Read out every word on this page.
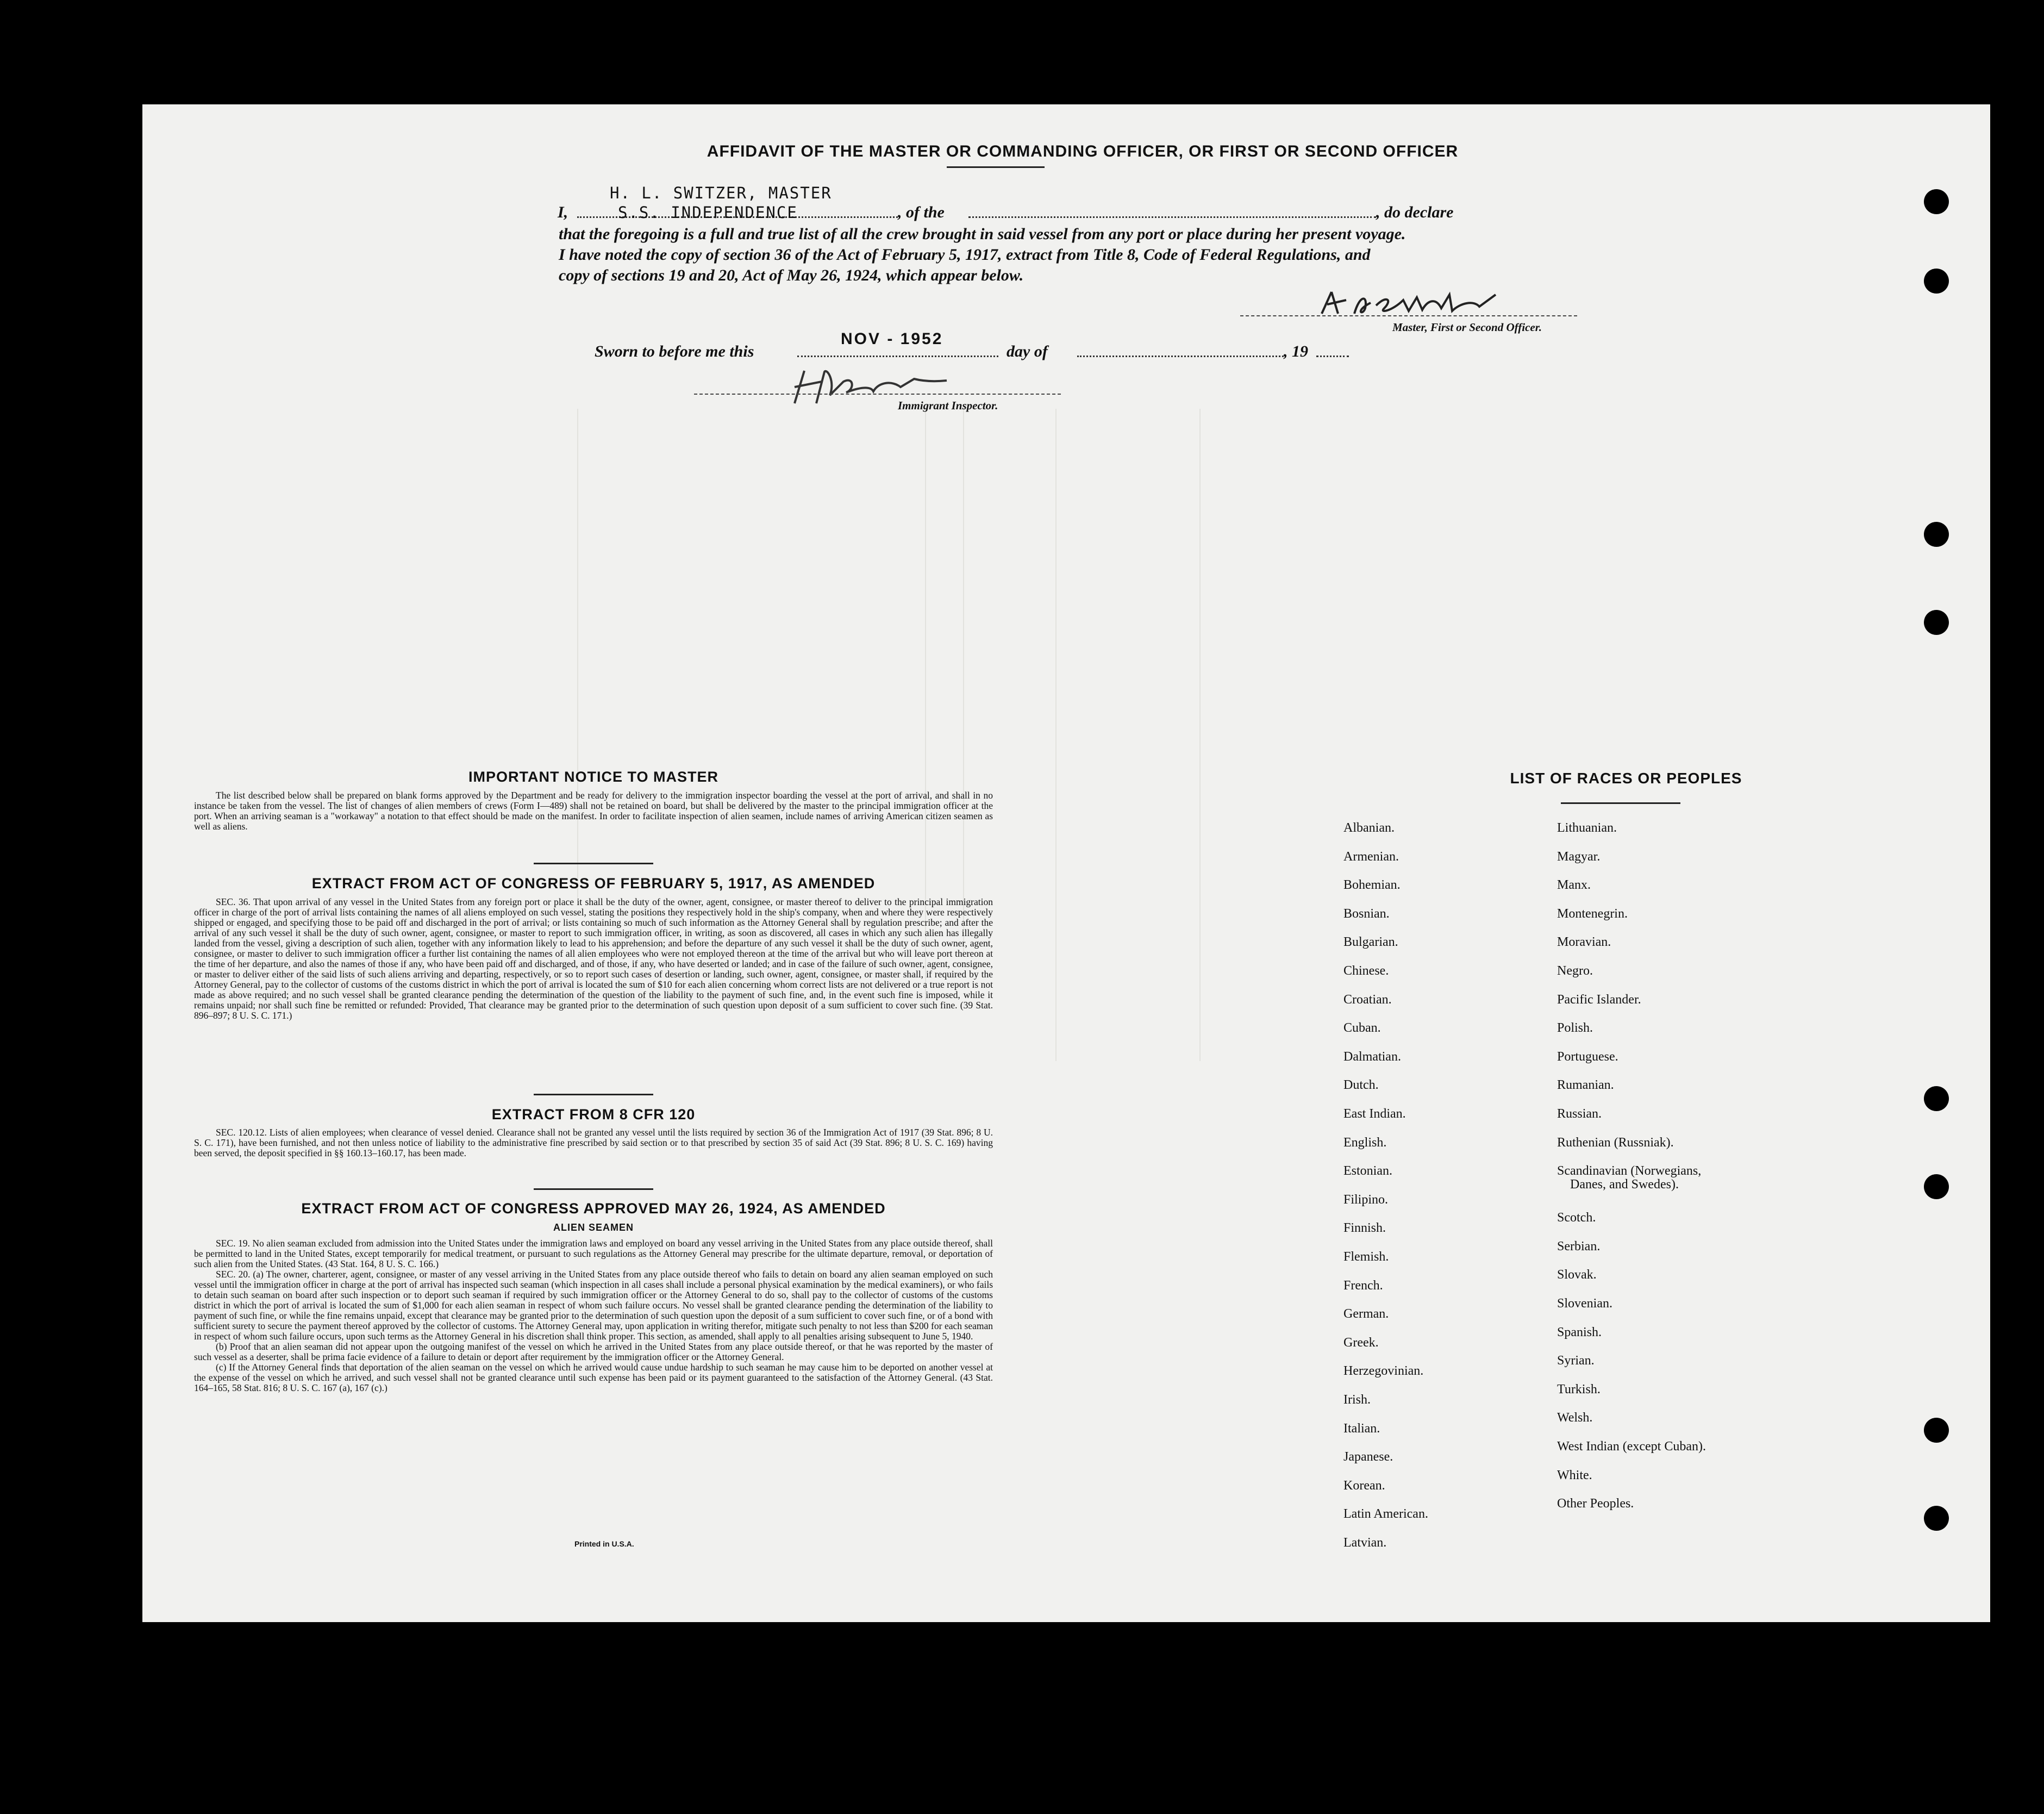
AFFIDAVIT OF THE MASTER OR COMMANDING OFFICER, OR FIRST OR SECOND OFFICER
H. L. SWITZER, MASTER
I,	S.S. INDEPENDENCE	, of the	, do declare
that the foregoing is a full and true list of all the crew brought in said vessel from any port or place during her present voyage.
I have noted the copy of section 36 of the Act of February 5, 1917, extract from Title 8, Code of Federal Regulations, and
copy of sections 19 and 20, Act of May 26, 1924, which appear below.
Master, First or Second Officer.
Sworn to before me this
NOV - 1952
day of	, 19
Immigrant Inspector.
IMPORTANT NOTICE TO MASTER

The list described below shall be prepared on blank forms approved by the Department and be ready for delivery to the immigration inspector boarding the vessel at the port of arrival, and shall in no instance be taken from the vessel. The list of changes of alien members of crews (Form I—489) shall not be retained on board, but shall be delivered by the master to the principal immigration officer at the port. When an arriving seaman is a "workaway" a notation to that effect should be made on the manifest. In order to facilitate inspection of alien seamen, include names of arriving American citizen seamen as well as aliens.

EXTRACT FROM ACT OF CONGRESS OF FEBRUARY 5, 1917, AS AMENDED

SEC. 36. That upon arrival of any vessel in the United States from any foreign port or place it shall be the duty of the owner, agent, consignee, or master thereof to deliver to the principal immigration officer in charge of the port of arrival lists containing the names of all aliens employed on such vessel, stating the positions they respectively hold in the ship's company, when and where they were respectively shipped or engaged, and specifying those to be paid off and discharged in the port of arrival; or lists containing so much of such information as the Attorney General shall by regulation prescribe; and after the arrival of any such vessel it shall be the duty of such owner, agent, consignee, or master to report to such immigration officer, in writing, as soon as discovered, all cases in which any such alien has illegally landed from the vessel, giving a description of such alien, together with any information likely to lead to his apprehension; and before the departure of any such vessel it shall be the duty of such owner, agent, consignee, or master to deliver to such immigration officer a further list containing the names of all alien employees who were not employed thereon at the time of the arrival but who will leave port thereon at the time of her departure, and also the names of those if any, who have been paid off and discharged, and of those, if any, who have deserted or landed; and in case of the failure of such owner, agent, consignee, or master to deliver either of the said lists of such aliens arriving and departing, respectively, or so to report such cases of desertion or landing, such owner, agent, consignee, or master shall, if required by the Attorney General, pay to the collector of customs of the customs district in which the port of arrival is located the sum of $10 for each alien concerning whom correct lists are not delivered or a true report is not made as above required; and no such vessel shall be granted clearance pending the determination of the question of the liability to the payment of such fine, and, in the event such fine is imposed, while it remains unpaid; nor shall such fine be remitted or refunded: Provided, That clearance may be granted prior to the determination of such question upon deposit of a sum sufficient to cover such fine. (39 Stat. 896–897; 8 U. S. C. 171.)

EXTRACT FROM 8 CFR 120

SEC. 120.12. Lists of alien employees; when clearance of vessel denied. Clearance shall not be granted any vessel until the lists required by section 36 of the Immigration Act of 1917 (39 Stat. 896; 8 U. S. C. 171), have been furnished, and not then unless notice of liability to the administrative fine prescribed by said section or to that prescribed by section 35 of said Act (39 Stat. 896; 8 U. S. C. 169) having been served, the deposit specified in §§ 160.13–160.17, has been made.

EXTRACT FROM ACT OF CONGRESS APPROVED MAY 26, 1924, AS AMENDED
ALIEN SEAMEN

SEC. 19. No alien seaman excluded from admission into the United States under the immigration laws and employed on board any vessel arriving in the United States from any place outside thereof, shall be permitted to land in the United States, except temporarily for medical treatment, or pursuant to such regulations as the Attorney General may prescribe for the ultimate departure, removal, or deportation of such alien from the United States. (43 Stat. 164, 8 U. S. C. 166.)

SEC. 20. (a) The owner, charterer, agent, consignee, or master of any vessel arriving in the United States from any place outside thereof who fails to detain on board any alien seaman employed on such vessel until the immigration officer in charge at the port of arrival has inspected such seaman (which inspection in all cases shall include a personal physical examination by the medical examiners), or who fails to detain such seaman on board after such inspection or to deport such seaman if required by such immigration officer or the Attorney General to do so, shall pay to the collector of customs of the customs district in which the port of arrival is located the sum of $1,000 for each alien seaman in respect of whom such failure occurs. No vessel shall be granted clearance pending the determination of the liability to payment of such fine, or while the fine remains unpaid, except that clearance may be granted prior to the determination of such question upon the deposit of a sum sufficient to cover such fine, or of a bond with sufficient surety to secure the payment thereof approved by the collector of customs. The Attorney General may, upon application in writing therefor, mitigate such penalty to not less than $200 for each seaman in respect of whom such failure occurs, upon such terms as the Attorney General in his discretion shall think proper. This section, as amended, shall apply to all penalties arising subsequent to June 5, 1940.

(b) Proof that an alien seaman did not appear upon the outgoing manifest of the vessel on which he arrived in the United States from any place outside thereof, or that he was reported by the master of such vessel as a deserter, shall be prima facie evidence of a failure to detain or deport after requirement by the immigration officer or the Attorney General.

(c) If the Attorney General finds that deportation of the alien seaman on the vessel on which he arrived would cause undue hardship to such seaman he may cause him to be deported on another vessel at the expense of the vessel on which he arrived, and such vessel shall not be granted clearance until such expense has been paid or its payment guaranteed to the satisfaction of the Attorney General. (43 Stat. 164–165, 58 Stat. 816; 8 U. S. C. 167 (a), 167 (c).)

Printed in U.S.A.
LIST OF RACES OR PEOPLES
Albanian.
Armenian.
Bohemian.
Bosnian.
Bulgarian.
Chinese.
Croatian.
Cuban.
Dalmatian.
Dutch.
East Indian.
English.
Estonian.
Filipino.
Finnish.
Flemish.
French.
German.
Greek.
Herzegovinian.
Irish.
Italian.
Japanese.
Korean.
Latin American.
Latvian.
Lithuanian.
Magyar.
Manx.
Montenegrin.
Moravian.
Negro.
Pacific Islander.
Polish.
Portuguese.
Rumanian.
Russian.
Ruthenian (Russniak).
Scandinavian (Norwegians,
Danes, and Swedes).
Scotch.
Serbian.
Slovak.
Slovenian.
Spanish.
Syrian.
Turkish.
Welsh.
West Indian (except Cuban).
White.
Other Peoples.
